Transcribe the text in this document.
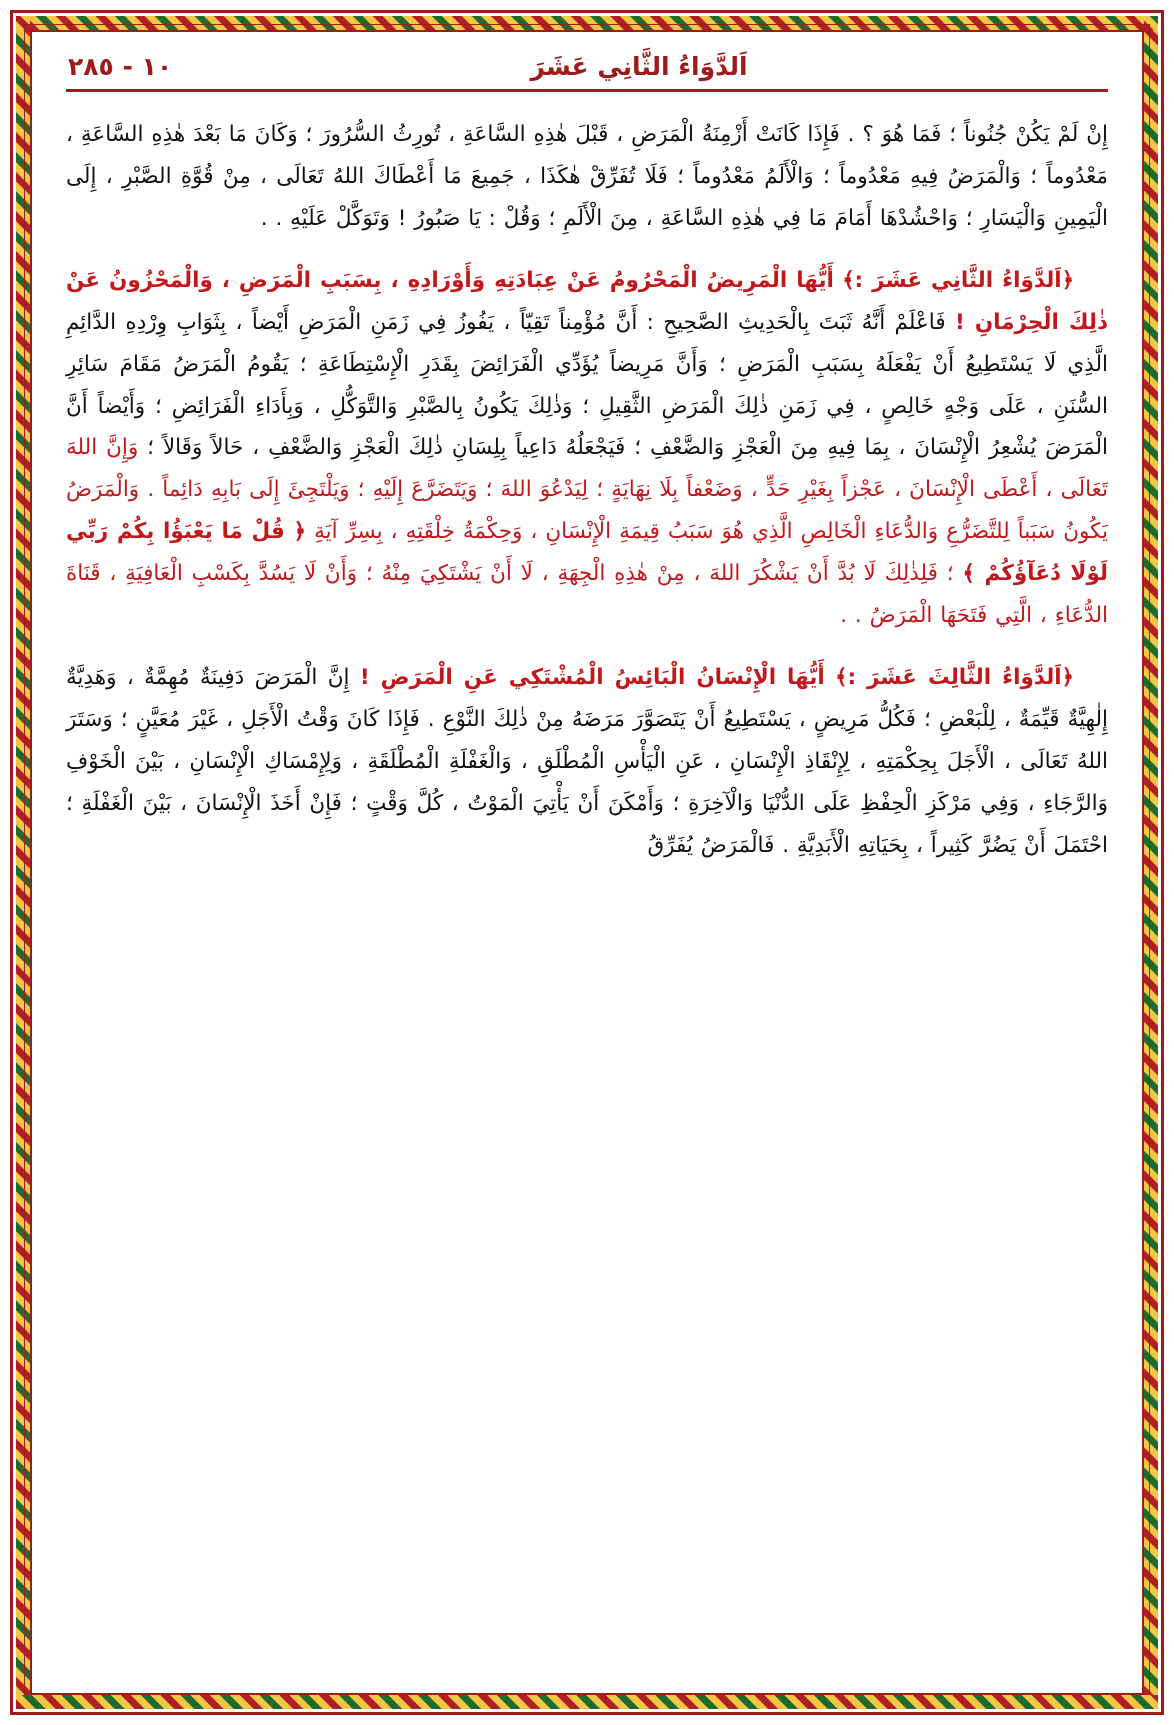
١٠ - ٢٨٥	اَلدَّوَاءُ الثَّانِي عَشَرَ

إِنْ لَمْ يَكُنْ جُنُوناً ؛ فَمَا هُوَ ؟ . فَإِذَا كَانَتْ أَزْمِنَةُ الْمَرَضِ ، قَبْلَ هٰذِهِ السَّاعَةِ ، تُورِثُ السُّرُورَ ؛ وَكَانَ مَا بَعْدَ هٰذِهِ السَّاعَةِ ، مَعْدُوماً ؛ وَالْمَرَضُ فِيهِ مَعْدُوماً ؛ وَالْأَلَمُ مَعْدُوماً ؛ فَلَا تُفَرِّقْ هٰكَذَا ، جَمِيعَ مَا أَعْطَاكَ اللهُ تَعَالَى ، مِنْ قُوَّةِ الصَّبْرِ ، إِلَى الْيَمِينِ وَالْيَسَارِ ؛ وَاحْشُدْهَا أَمَامَ مَا فِي هٰذِهِ السَّاعَةِ ، مِنَ الْأَلَمِ ؛ وَقُلْ : يَا صَبُورُ ! وَتَوَكَّلْ عَلَيْهِ . .

﴿اَلدَّوَاءُ الثَّانِي عَشَرَ :﴾ أَيُّهَا الْمَرِيضُ الْمَحْرُومُ عَنْ عِبَادَتِهِ وَأَوْرَادِهِ ، بِسَبَبِ الْمَرَضِ ، وَالْمَحْزُونُ عَنْ ذٰلِكَ الْحِرْمَانِ ! فَاعْلَمْ أَنَّهُ ثَبَتَ بِالْحَدِيثِ الصَّحِيحِ : أَنَّ مُؤْمِناً تَقِيّاً ، يَفُوزُ فِي زَمَنِ الْمَرَضِ أَيْضاً ، بِثَوَابِ وِرْدِهِ الدَّائِمِ الَّذِي لَا يَسْتَطِيعُ أَنْ يَفْعَلَهُ بِسَبَبِ الْمَرَضِ ؛ وَأَنَّ مَرِيضاً يُؤَدِّي الْفَرَائِضَ بِقَدَرِ الْإِسْتِطَاعَةِ ؛ يَقُومُ الْمَرَضُ مَقَامَ سَائِرِ السُّنَنِ ، عَلَى وَجْهٍ خَالِصٍ ، فِي زَمَنِ ذٰلِكَ الْمَرَضِ الثَّقِيلِ ؛ وَذٰلِكَ يَكُونُ بِالصَّبْرِ وَالتَّوَكُّلِ ، وَبِأَدَاءِ الْفَرَائِضِ ؛ وَأَيْضاً أَنَّ الْمَرَضَ يُشْعِرُ الْإِنْسَانَ ، بِمَا فِيهِ مِنَ الْعَجْزِ وَالضَّعْفِ ؛ فَيَجْعَلُهُ دَاعِياً بِلِسَانِ ذٰلِكَ الْعَجْزِ وَالضَّعْفِ ، حَالاً وَقَالاً ؛ وَإِنَّ اللهَ تَعَالَى ، أَعْطَى الْإِنْسَانَ ، عَجْزاً بِغَيْرِ حَدٍّ ، وَضَعْفاً بِلَا نِهَايَةٍ ؛ لِيَدْعُوَ اللهَ ؛ وَيَتَضَرَّعَ إِلَيْهِ ؛ وَيَلْتَجِئَ إِلَى بَابِهِ دَائِماً . وَالْمَرَضُ يَكُونُ سَبَباً لِلتَّضَرُّعِ وَالدُّعَاءِ الْخَالِصِ الَّذِي هُوَ سَبَبُ قِيمَةِ الْإِنْسَانِ ، وَحِكْمَةُ خِلْقَتِهِ ، بِسِرِّ آيَةِ ﴿ قُلْ مَا يَعْبَؤُا بِكُمْ رَبِّي لَوْلَا دُعَآؤُكُمْ ﴾ ؛ فَلِذٰلِكَ لَا بُدَّ أَنْ يَشْكُرَ اللهَ ، مِنْ هٰذِهِ الْجِهَةِ ، لَا أَنْ يَشْتَكِيَ مِنْهُ ؛ وَأَنْ لَا يَسُدَّ بِكَسْبِ الْعَافِيَةِ ، قَنَاةَ الدُّعَاءِ ، الَّتِي فَتَحَهَا الْمَرَضُ . .

﴿اَلدَّوَاءُ الثَّالِثَ عَشَرَ :﴾ أَيُّهَا الْإِنْسَانُ الْبَائِسُ الْمُشْتَكِي عَنِ الْمَرَضِ ! إِنَّ الْمَرَضَ دَفِينَةٌ مُهِمَّةٌ ، وَهَدِيَّةٌ إِلٰهِيَّةٌ قَيِّمَةٌ ، لِلْبَعْضِ ؛ فَكُلُّ مَرِيضٍ ، يَسْتَطِيعُ أَنْ يَتَصَوَّرَ مَرَضَهُ مِنْ ذٰلِكَ النَّوْعِ . فَإِذَا كَانَ وَقْتُ الْأَجَلِ ، غَيْرَ مُعَيَّنٍ ؛ وَسَتَرَ اللهُ تَعَالَى ، الْأَجَلَ بِحِكْمَتِهِ ، لِإِنْقَاذِ الْإِنْسَانِ ، عَنِ الْيَأْسِ الْمُطْلَقِ ، وَالْغَفْلَةِ الْمُطْلَقَةِ ، وَلِإِمْسَاكِ الْإِنْسَانِ ، بَيْنَ الْخَوْفِ وَالرَّجَاءِ ، وَفِي مَرْكَزِ الْحِفْظِ عَلَى الدُّنْيَا وَالْآخِرَةِ ؛ وَأَمْكَنَ أَنْ يَأْتِيَ الْمَوْتُ ، كُلَّ وَقْتٍ ؛ فَإِنْ أَخَذَ الْإِنْسَانَ ، بَيْنَ الْغَفْلَةِ ؛ احْتَمَلَ أَنْ يَضُرَّ كَثِيراً ، بِحَيَاتِهِ الْأَبَدِيَّةِ . فَالْمَرَضُ يُفَرِّقُ
